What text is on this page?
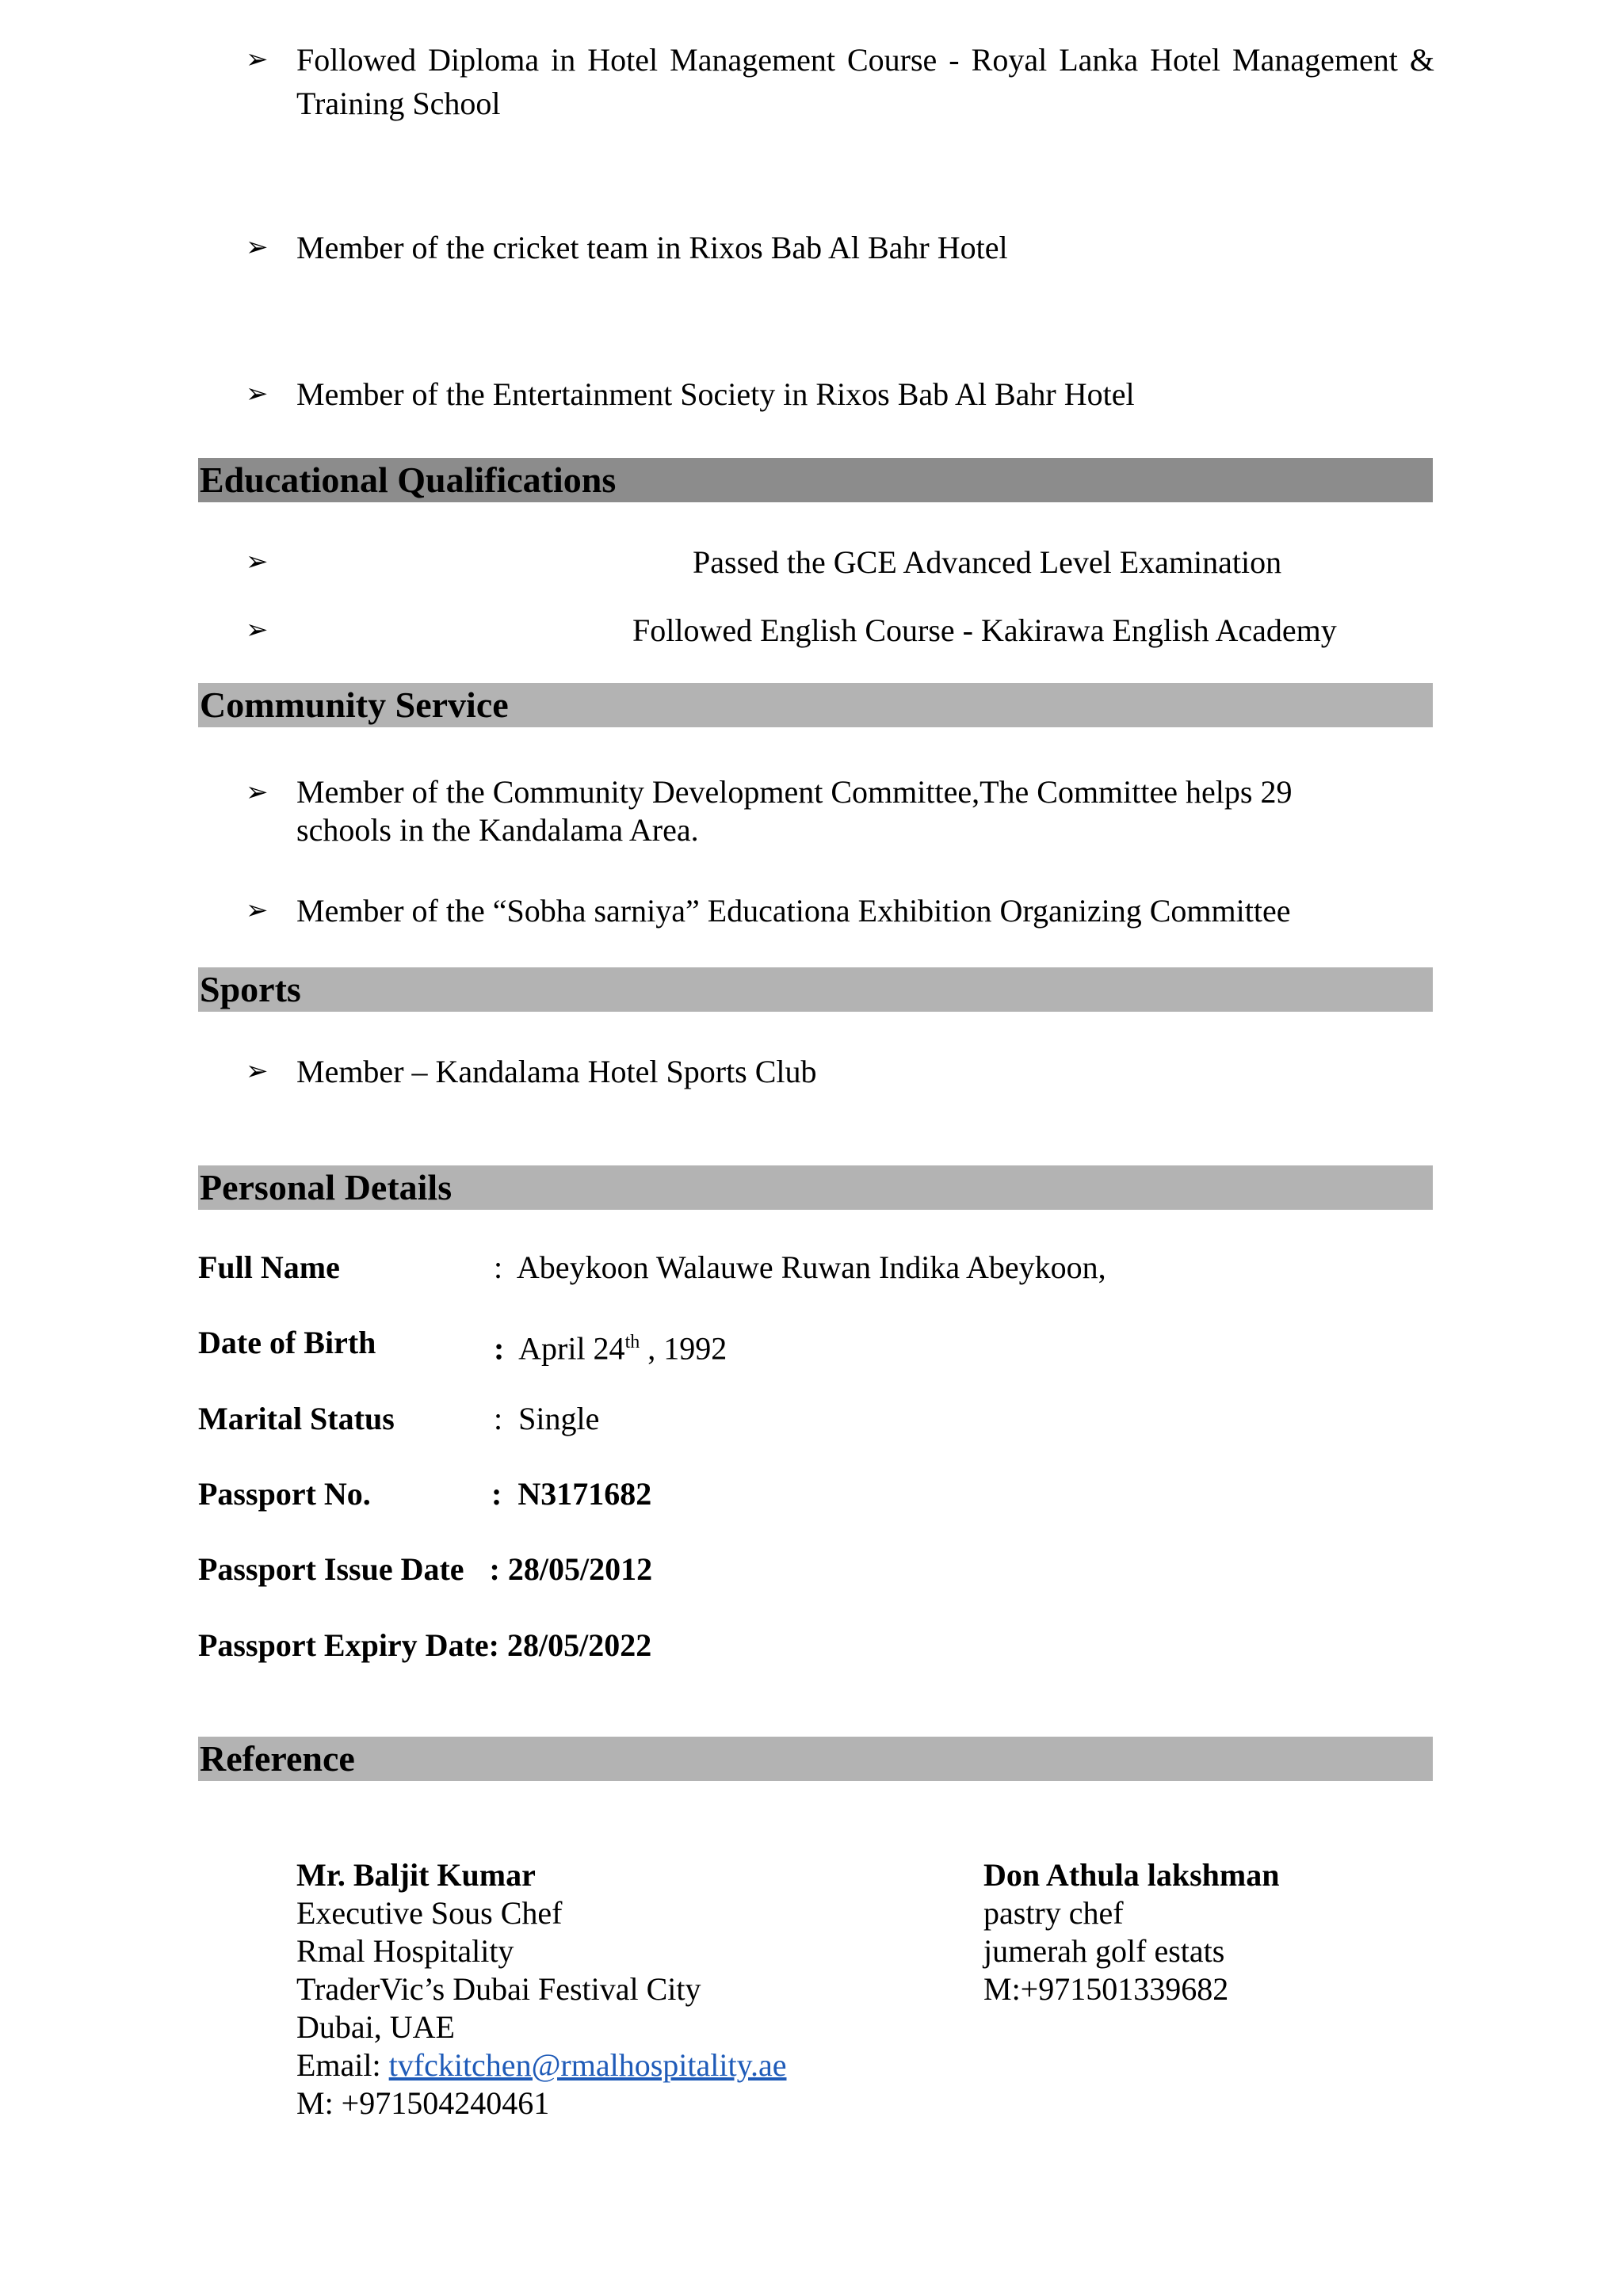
➢ Followed Diploma in Hotel Management Course - Royal Lanka Hotel Management & Training School
➢ Member of the cricket team in Rixos Bab Al Bahr Hotel
➢ Member of the Entertainment Society in Rixos Bab Al Bahr Hotel
Educational Qualifications
➢	Passed the GCE Advanced Level Examination
➢	Followed English Course - Kakirawa English Academy
Community Service
➢ Member of the Community Development Committee,The Committee helps 29 schools in the Kandalama Area.
➢ Member of the “Sobha sarniya” Educationa Exhibition Organizing Committee
Sports
➢ Member – Kandalama Hotel Sports Club
Personal Details
Full Name	: Abeykoon Walauwe Ruwan Indika Abeykoon,
Date of Birth	: April 24th , 1992
Marital Status	: Single
Passport No.	: N3171682
Passport Issue Date : 28/05/2012
Passport Expiry Date: 28/05/2022
Reference
Mr. Baljit Kumar
Executive Sous Chef
Rmal Hospitality
TraderVic’s Dubai Festival City
Dubai, UAE
Email: tvfckitchen@rmalhospitality.ae
M: +971504240461
Don Athula lakshman
pastry chef
jumerah golf estats
M:+971501339682
